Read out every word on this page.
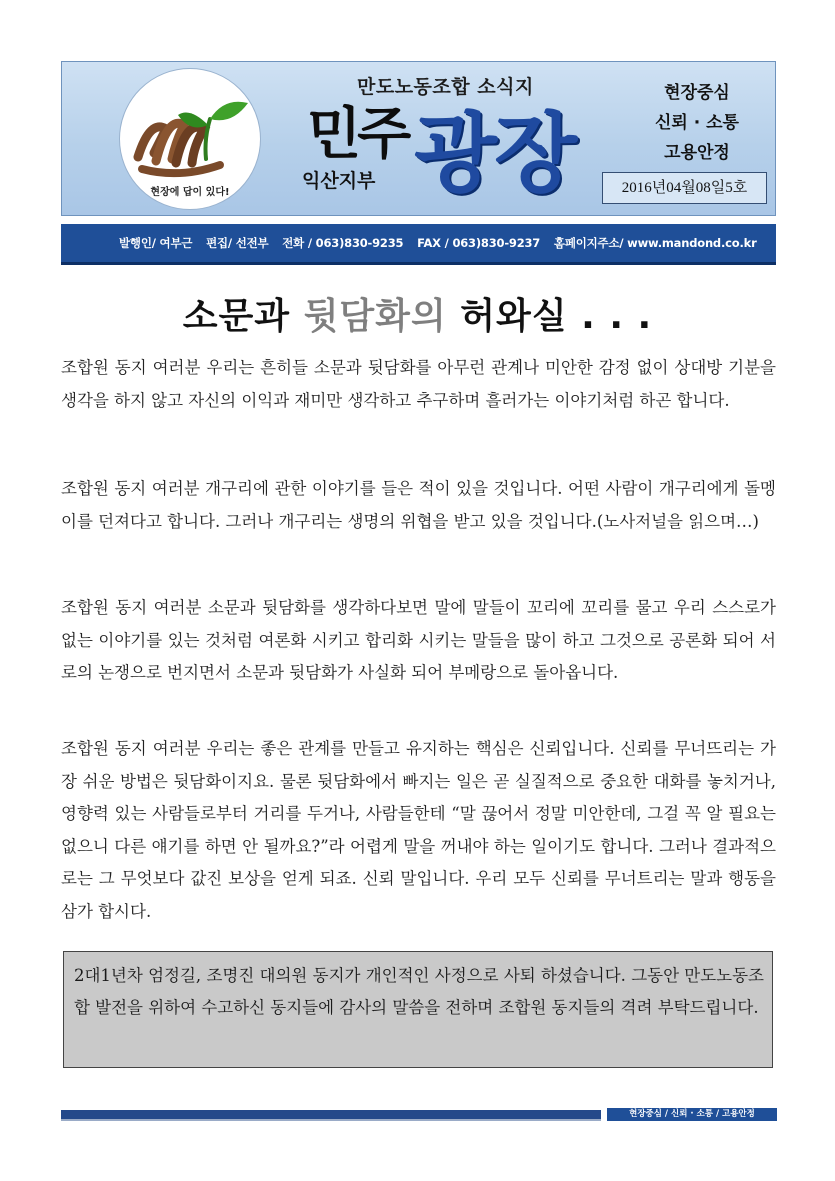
현장에 답이 있다!
만도노동조합 소식지
민주 광장
익산지부
현장중심
신뢰 · 소통
고용안정
2016년04월08일5호
발행인/ 여부근 편집/ 선전부 전화 / 063)830-9235 FAX / 063)830-9237 홈페이지주소/ www.mandond.co.kr
소문과 뒷담화의 허와실 . . .

조합원 동지 여러분 우리는 흔히들 소문과 뒷담화를 아무런 관계나 미안한 감정 없이 상대방 기분을 생각을 하지 않고 자신의 이익과 재미만 생각하고 추구하며 흘러가는 이야기처럼 하곤 합니다.

조합원 동지 여러분 개구리에 관한 이야기를 들은 적이 있을 것입니다. 어떤 사람이 개구리에게 돌멩이를 던져다고 합니다. 그러나 개구리는 생명의 위협을 받고 있을 것입니다.(노사저널을 읽으며…)

조합원 동지 여러분 소문과 뒷담화를 생각하다보면 말에 말들이 꼬리에 꼬리를 물고 우리 스스로가 없는 이야기를 있는 것처럼 여론화 시키고 합리화 시키는 말들을 많이 하고 그것으로 공론화 되어 서로의 논쟁으로 번지면서 소문과 뒷담화가 사실화 되어 부메랑으로 돌아옵니다.

조합원 동지 여러분 우리는 좋은 관계를 만들고 유지하는 핵심은 신뢰입니다. 신뢰를 무너뜨리는 가장 쉬운 방법은 뒷담화이지요. 물론 뒷담화에서 빠지는 일은 곧 실질적으로 중요한 대화를 놓치거나, 영향력 있는 사람들로부터 거리를 두거나, 사람들한테 “말 끊어서 정말 미안한데, 그걸 꼭 알 필요는 없으니 다른 얘기를 하면 안 될까요?”라 어렵게 말을 꺼내야 하는 일이기도 합니다. 그러나 결과적으로는 그 무엇보다 값진 보상을 얻게 되죠. 신뢰 말입니다. 우리 모두 신뢰를 무너트리는 말과 행동을 삼가 합시다.

2대1년차 엄정길, 조명진 대의원 동지가 개인적인 사정으로 사퇴 하셨습니다. 그동안 만도노동조합 발전을 위하여 수고하신 동지들에 감사의 말씀을 전하며 조합원 동지들의 격려 부탁드립니다.
현장중심 / 신뢰 · 소통 / 고용안정
